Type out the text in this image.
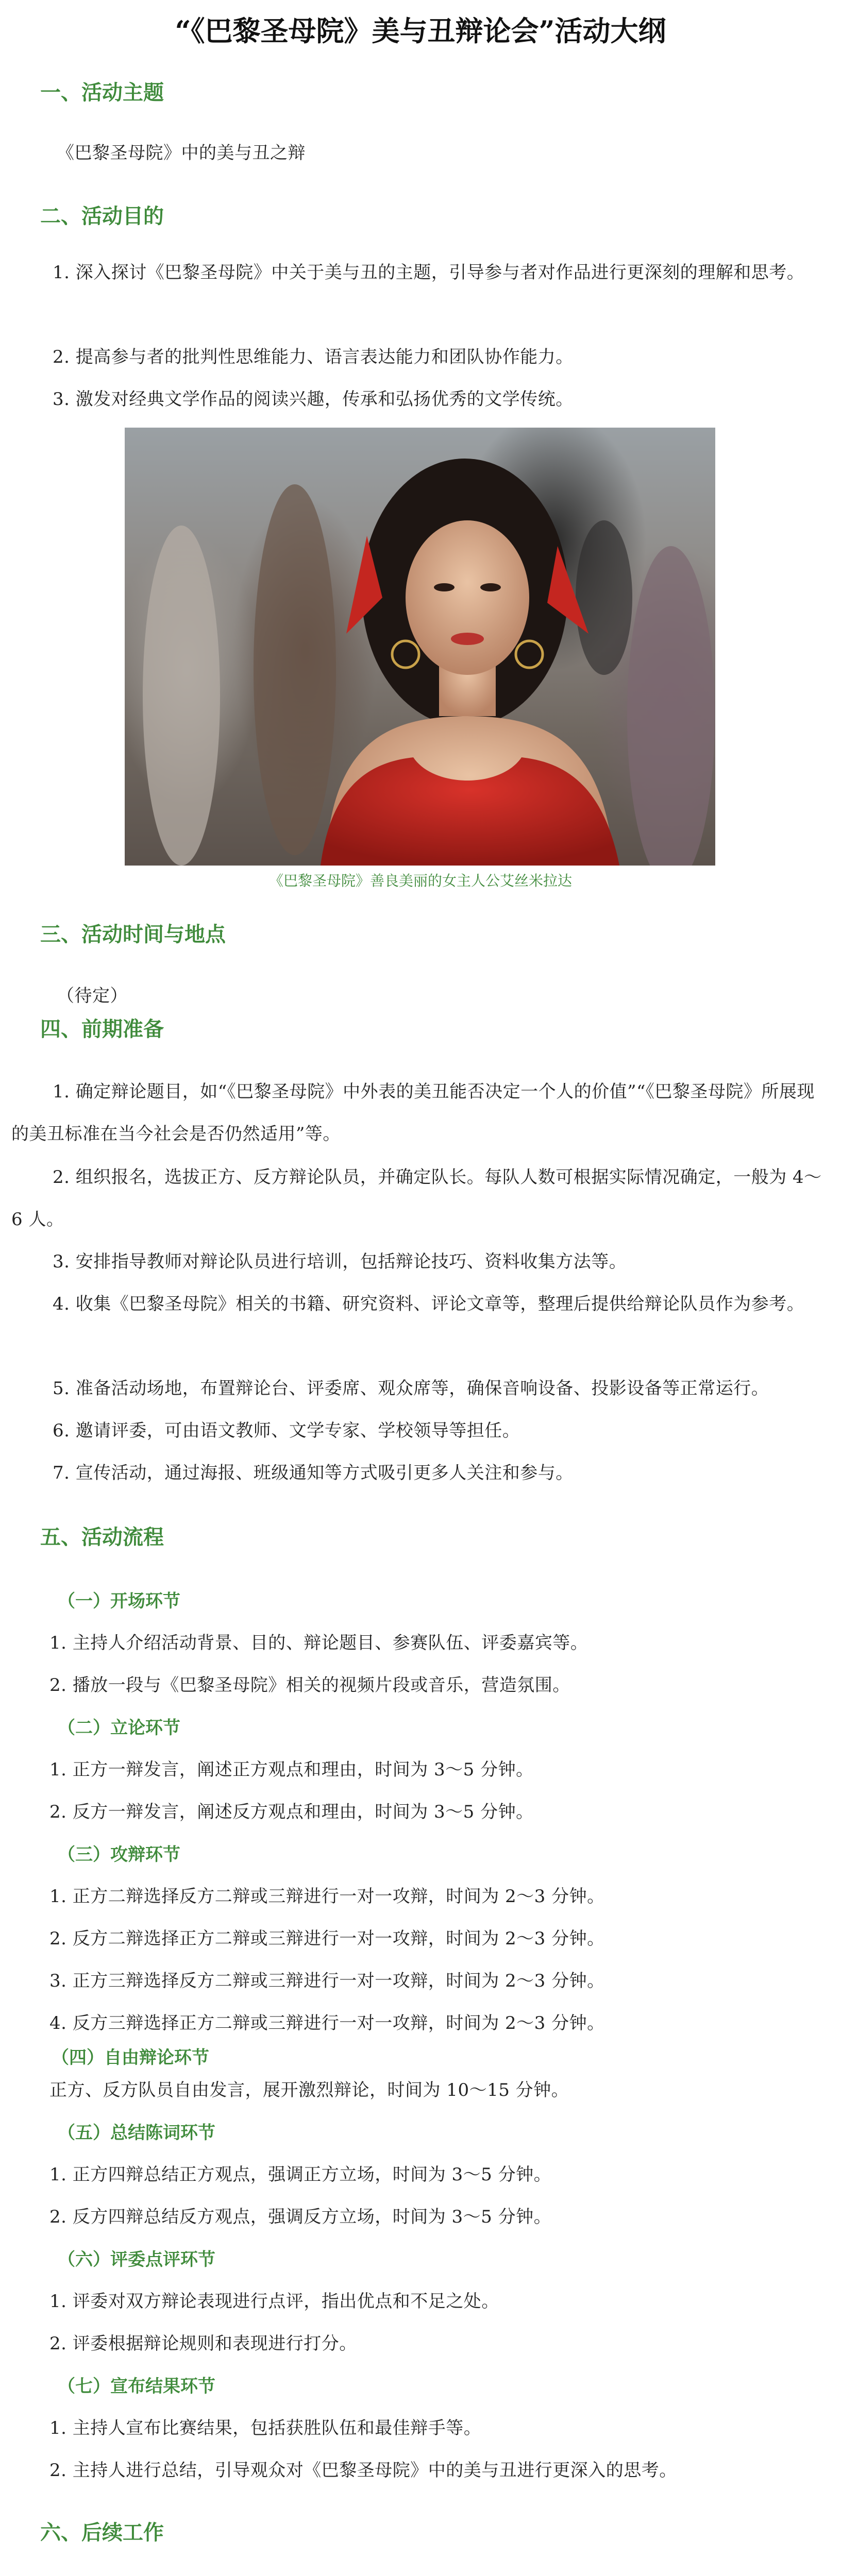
“《巴黎圣母院》美与丑辩论会”活动大纲
一、活动主题
《巴黎圣母院》中的美与丑之辩
二、活动目的
1. 深入探讨《巴黎圣母院》中关于美与丑的主题，引导参与者对作品进行更深刻的理解和思考。
2. 提高参与者的批判性思维能力、语言表达能力和团队协作能力。
3. 激发对经典文学作品的阅读兴趣，传承和弘扬优秀的文学传统。
《巴黎圣母院》善良美丽的女主人公艾丝米拉达
三、活动时间与地点
（待定）
四、前期准备
1. 确定辩论题目，如“《巴黎圣母院》中外表的美丑能否决定一个人的价值”“《巴黎圣母院》所展现的美丑标准在当今社会是否仍然适用”等。
2. 组织报名，选拔正方、反方辩论队员，并确定队长。每队人数可根据实际情况确定，一般为 4～6 人。
3. 安排指导教师对辩论队员进行培训，包括辩论技巧、资料收集方法等。
4. 收集《巴黎圣母院》相关的书籍、研究资料、评论文章等，整理后提供给辩论队员作为参考。
5. 准备活动场地，布置辩论台、评委席、观众席等，确保音响设备、投影设备等正常运行。
6. 邀请评委，可由语文教师、文学专家、学校领导等担任。
7. 宣传活动，通过海报、班级通知等方式吸引更多人关注和参与。
五、活动流程
（一）开场环节
1. 主持人介绍活动背景、目的、辩论题目、参赛队伍、评委嘉宾等。
2. 播放一段与《巴黎圣母院》相关的视频片段或音乐，营造氛围。
（二）立论环节
1. 正方一辩发言，阐述正方观点和理由，时间为 3～5 分钟。
2. 反方一辩发言，阐述反方观点和理由，时间为 3～5 分钟。
（三）攻辩环节
1. 正方二辩选择反方二辩或三辩进行一对一攻辩，时间为 2～3 分钟。
2. 反方二辩选择正方二辩或三辩进行一对一攻辩，时间为 2～3 分钟。
3. 正方三辩选择反方二辩或三辩进行一对一攻辩，时间为 2～3 分钟。
4. 反方三辩选择正方二辩或三辩进行一对一攻辩，时间为 2～3 分钟。
（四）自由辩论环节
正方、反方队员自由发言，展开激烈辩论，时间为 10～15 分钟。
（五）总结陈词环节
1. 正方四辩总结正方观点，强调正方立场，时间为 3～5 分钟。
2. 反方四辩总结反方观点，强调反方立场，时间为 3～5 分钟。
（六）评委点评环节
1. 评委对双方辩论表现进行点评，指出优点和不足之处。
2. 评委根据辩论规则和表现进行打分。
（七）宣布结果环节
1. 主持人宣布比赛结果，包括获胜队伍和最佳辩手等。
2. 主持人进行总结，引导观众对《巴黎圣母院》中的美与丑进行更深入的思考。
六、后续工作
